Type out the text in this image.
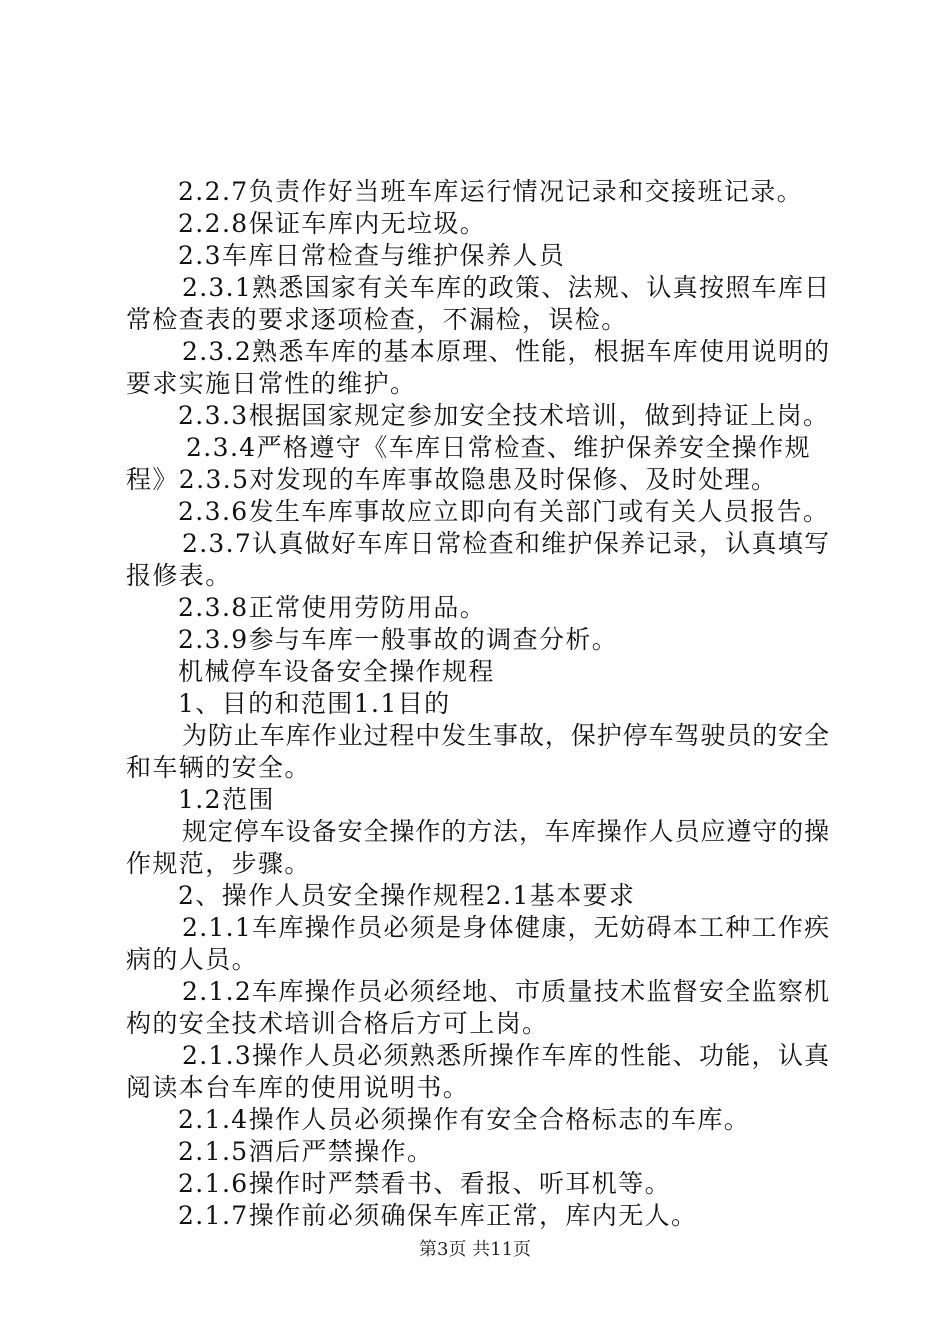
2.2.7负责作好当班车库运行情况记录和交接班记录。
2.2.8保证车库内无垃圾。
2.3车库日常检查与维护保养人员
2.3.1熟悉国家有关车库的政策、法规、认真按照车库日
常检查表的要求逐项检查，不漏检，误检。
2.3.2熟悉车库的基本原理、性能，根据车库使用说明的
要求实施日常性的维护。
2.3.3根据国家规定参加安全技术培训，做到持证上岗。
2.3.4严格遵守《车库日常检查、维护保养安全操作规
程》2.3.5对发现的车库事故隐患及时保修、及时处理。
2.3.6发生车库事故应立即向有关部门或有关人员报告。
2.3.7认真做好车库日常检查和维护保养记录，认真填写
报修表。
2.3.8正常使用劳防用品。
2.3.9参与车库一般事故的调查分析。
机械停车设备安全操作规程
1、目的和范围1.1目的
为防止车库作业过程中发生事故，保护停车驾驶员的安全
和车辆的安全。
1.2范围
规定停车设备安全操作的方法，车库操作人员应遵守的操
作规范，步骤。
2、操作人员安全操作规程2.1基本要求
2.1.1车库操作员必须是身体健康，无妨碍本工种工作疾
病的人员。
2.1.2车库操作员必须经地、市质量技术监督安全监察机
构的安全技术培训合格后方可上岗。
2.1.3操作人员必须熟悉所操作车库的性能、功能，认真
阅读本台车库的使用说明书。
2.1.4操作人员必须操作有安全合格标志的车库。
2.1.5酒后严禁操作。
2.1.6操作时严禁看书、看报、听耳机等。
2.1.7操作前必须确保车库正常，库内无人。
第3页 共11页
